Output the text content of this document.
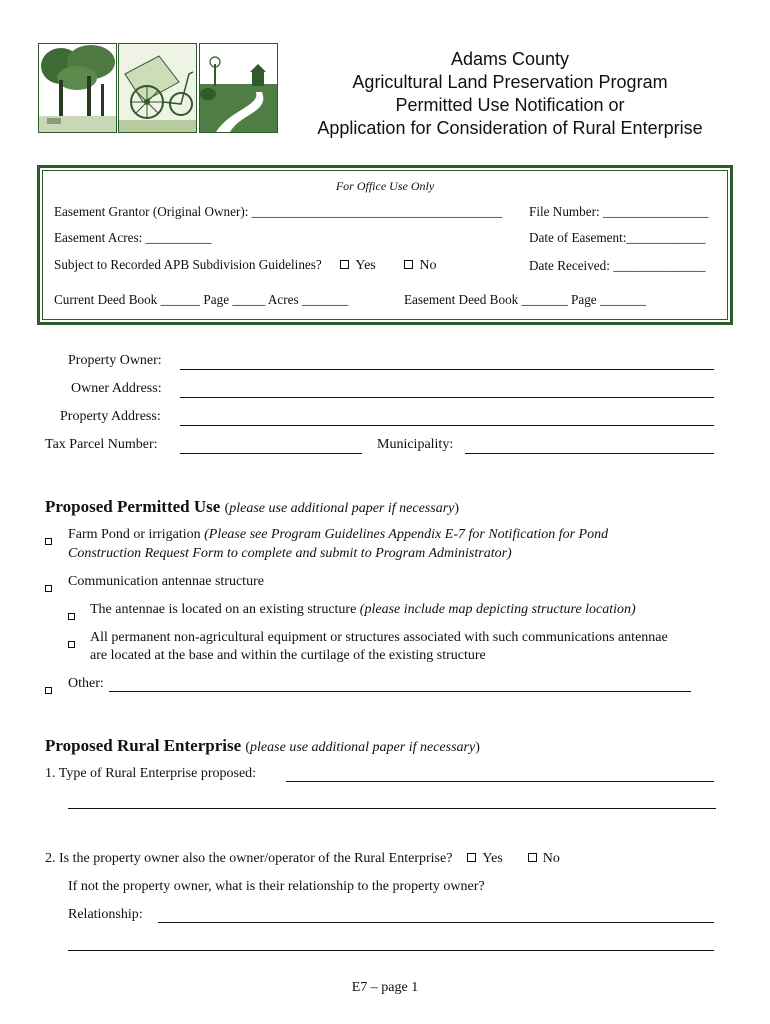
Adams County
Agricultural Land Preservation Program
Permitted Use Notification or
Application for Consideration of Rural Enterprise
For Office Use Only
Easement Grantor (Original Owner): ______________________________________ File Number: ________________
Easement Acres: __________	Date of Easement:____________
Subject to Recorded APB Subdivision Guidelines? Yes	No	Date Received: ______________
Current Deed Book ______ Page _____ Acres _______	Easement Deed Book _______ Page _______
Property Owner:
Owner Address:
Property Address:
Tax Parcel Number:	Municipality:
Proposed Permitted Use (please use additional paper if necessary)
Farm Pond or irrigation (Please see Program Guidelines Appendix E-7 for Notification for Pond
Construction Request Form to complete and submit to Program Administrator)
Communication antennae structure
The antennae is located on an existing structure (please include map depicting structure location)
All permanent non-agricultural equipment or structures associated with such communications antennae
are located at the base and within the curtilage of the existing structure
Other:
Proposed Rural Enterprise (please use additional paper if necessary)
1. Type of Rural Enterprise proposed:
2. Is the property owner also the owner/operator of the Rural Enterprise? Yes	No
If not the property owner, what is their relationship to the property owner?
Relationship:
E7 – page 1
